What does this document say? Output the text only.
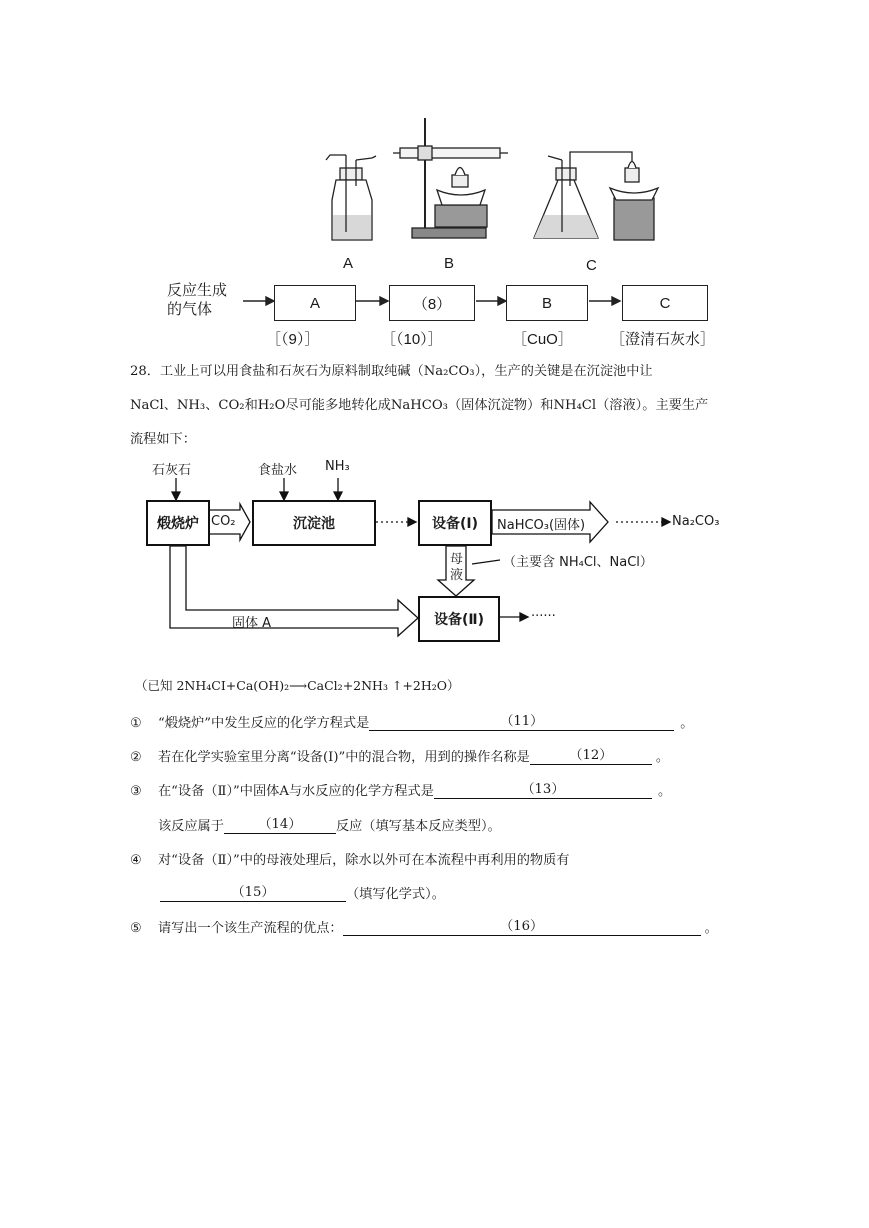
A	B	C
反应生成
的气体	A	（8）	B	C
［（9）］	［（10）］	［CuO］ ［澄清石灰水］
28．工业上可以用食盐和石灰石为原料制取纯碱（Na₂CO₃），生产的关键是在沉淀池中让
NaCl、NH₃、CO₂和H₂O尽可能多地转化成NaHCO₃（固体沉淀物）和NH₄Cl（溶液）。主要生产
流程如下：
石灰石	食盐水 NH₃
煅烧炉 CO₂	沉淀池	设备(Ⅰ)	NaHCO₃(固体)	Na₂CO₃
母
液
（主要含 NH₄Cl、NaCl）
设备(Ⅱ)
固体 A	······
（已知 2NH₄CI+Ca(OH)₂⟶CaCl₂+2NH₃ ↑+2H₂O）
①	“煅烧炉”中发生反应的化学方程式是	（11）	。
②	若在化学实验室里分离“设备(Ⅰ)”中的混合物，用到的操作名称是	（12）	。
③	在“设备（Ⅱ）”中固体A与水反应的化学方程式是	（13）	。
该反应属于	（14）	反应（填写基本反应类型）。
④	对“设备（Ⅱ）”中的母液处理后，除水以外可在本流程中再利用的物质有
（15）	（填写化学式）。
⑤	请写出一个该生产流程的优点：	（16）	。
